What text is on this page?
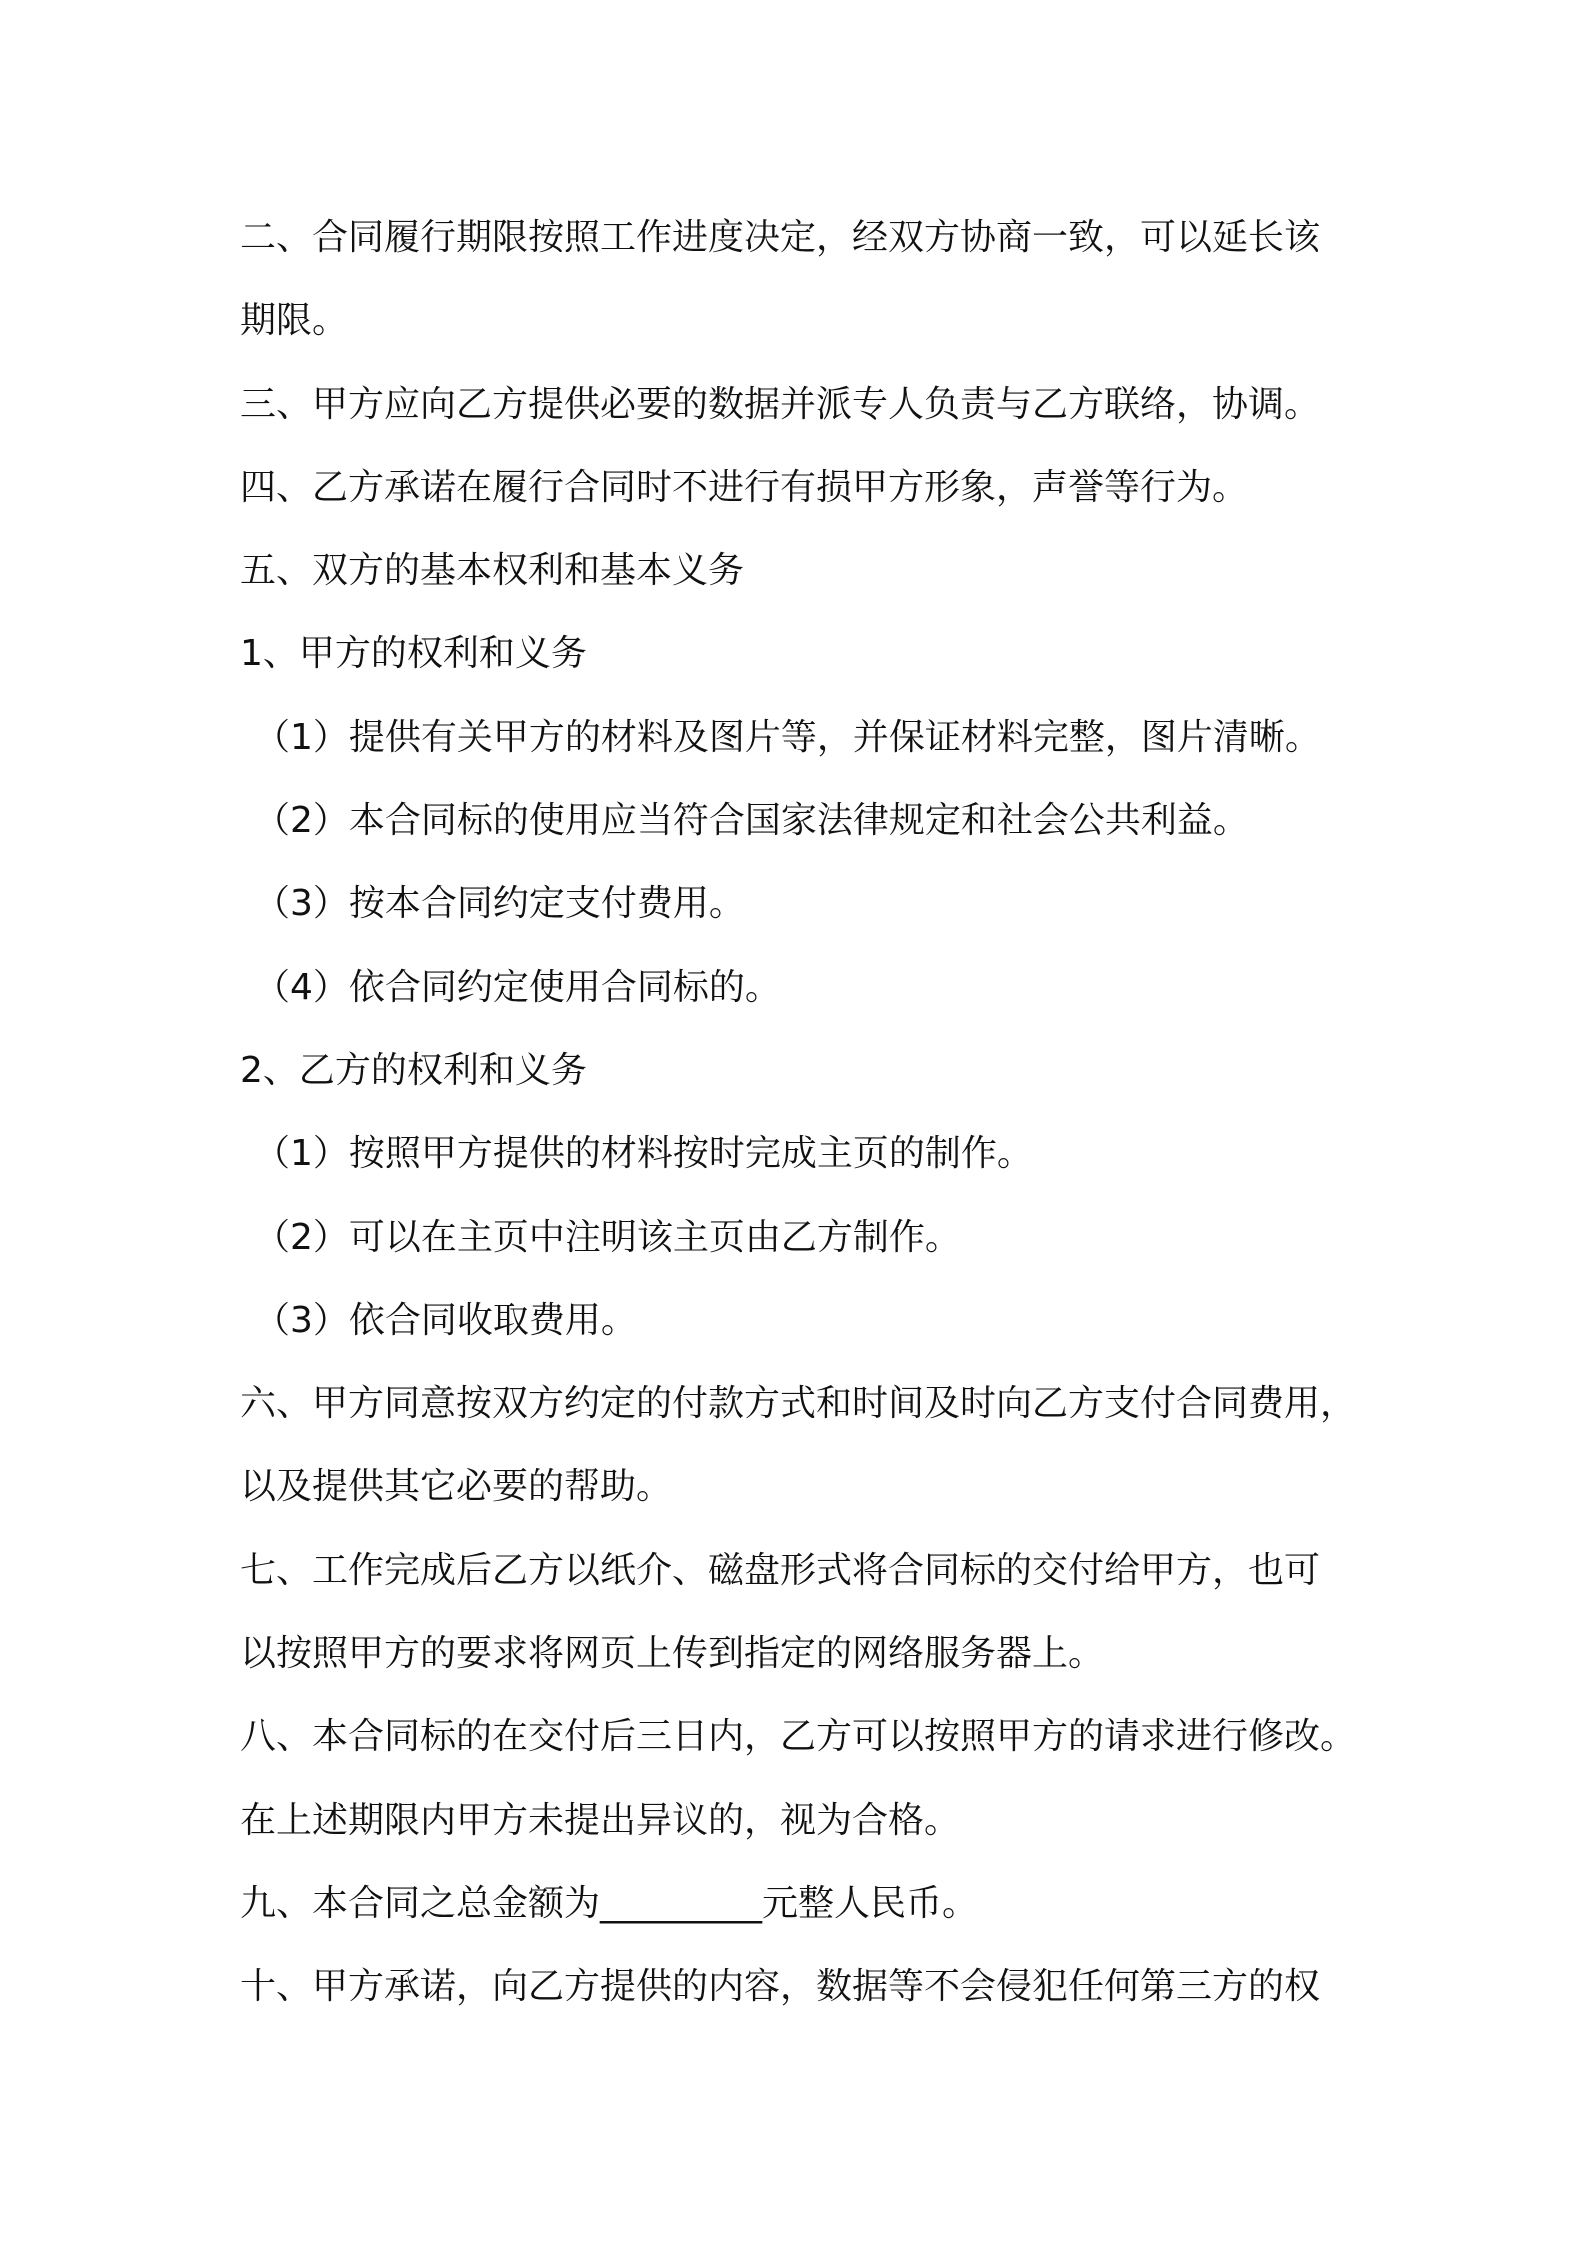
二、合同履行期限按照工作进度决定，经双方协商一致，可以延长该
期限。
三、甲方应向乙方提供必要的数据并派专人负责与乙方联络，协调。
四、乙方承诺在履行合同时不进行有损甲方形象，声誉等行为。
五、双方的基本权利和基本义务
1、甲方的权利和义务
（1）提供有关甲方的材料及图片等，并保证材料完整，图片清晰。
（2）本合同标的使用应当符合国家法律规定和社会公共利益。
（3）按本合同约定支付费用。
（4）依合同约定使用合同标的。
2、乙方的权利和义务
（1）按照甲方提供的材料按时完成主页的制作。
（2）可以在主页中注明该主页由乙方制作。
（3）依合同收取费用。
六、甲方同意按双方约定的付款方式和时间及时向乙方支付合同费用，
以及提供其它必要的帮助。
七、工作完成后乙方以纸介、磁盘形式将合同标的交付给甲方，也可
以按照甲方的要求将网页上传到指定的网络服务器上。
八、本合同标的在交付后三日内，乙方可以按照甲方的请求进行修改。
在上述期限内甲方未提出异议的，视为合格。
九、本合同之总金额为_________元整人民币。
十、甲方承诺，向乙方提供的内容，数据等不会侵犯任何第三方的权
